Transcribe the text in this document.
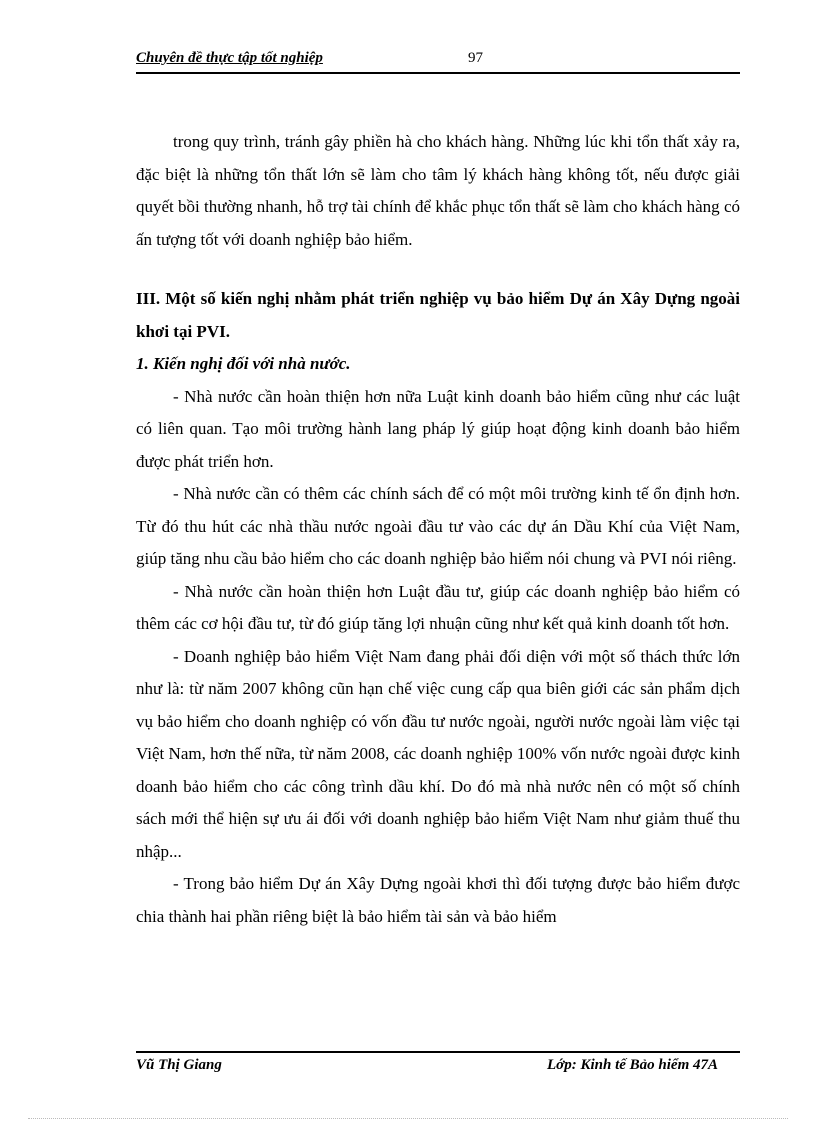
Chuyên đề thực tập tốt nghiệp	97

trong quy trình, tránh gây phiền hà cho khách hàng. Những lúc khi tổn thất xảy ra, đặc biệt là những tổn thất lớn sẽ làm cho tâm lý khách hàng không tốt, nếu được giải quyết bồi thường nhanh, hỗ trợ tài chính để khắc phục tổn thất sẽ làm cho khách hàng có ấn tượng tốt với doanh nghiệp bảo hiểm.

III. Một số kiến nghị nhằm phát triển nghiệp vụ bảo hiểm Dự án Xây Dựng ngoài khơi tại PVI.

1. Kiến nghị đối với nhà nước.

- Nhà nước cần hoàn thiện hơn nữa Luật kinh doanh bảo hiểm cũng như các luật có liên quan. Tạo môi trường hành lang pháp lý giúp hoạt động kinh doanh bảo hiểm được phát triển hơn.

- Nhà nước cần có thêm các chính sách để có một môi trường kinh tế ổn định hơn. Từ đó thu hút các nhà thầu nước ngoài đầu tư vào các dự án Dầu Khí của Việt Nam, giúp tăng nhu cầu bảo hiểm cho các doanh nghiệp bảo hiểm nói chung và PVI nói riêng.

- Nhà nước cần hoàn thiện hơn Luật đầu tư, giúp các doanh nghiệp bảo hiểm có thêm các cơ hội đầu tư, từ đó giúp tăng lợi nhuận cũng như kết quả kinh doanh tốt hơn.

- Doanh nghiệp bảo hiểm Việt Nam đang phải đối diện với một số thách thức lớn như là: từ năm 2007 không cũn hạn chế việc cung cấp qua biên giới các sản phẩm dịch vụ bảo hiểm cho doanh nghiệp có vốn đầu tư nước ngoài, người nước ngoài làm việc tại Việt Nam, hơn thế nữa, từ năm 2008, các doanh nghiệp 100% vốn nước ngoài được kinh doanh bảo hiểm cho các công trình dầu khí. Do đó mà nhà nước nên có một số chính sách mới thể hiện sự ưu ái đối với doanh nghiệp bảo hiểm Việt Nam như giảm thuế thu nhập...

- Trong bảo hiểm Dự án Xây Dựng ngoài khơi thì đối tượng được bảo hiểm được chia thành hai phần riêng biệt là bảo hiểm tài sản và bảo hiểm

Vũ Thị Giang	Lớp: Kinh tế Bảo hiểm 47A
